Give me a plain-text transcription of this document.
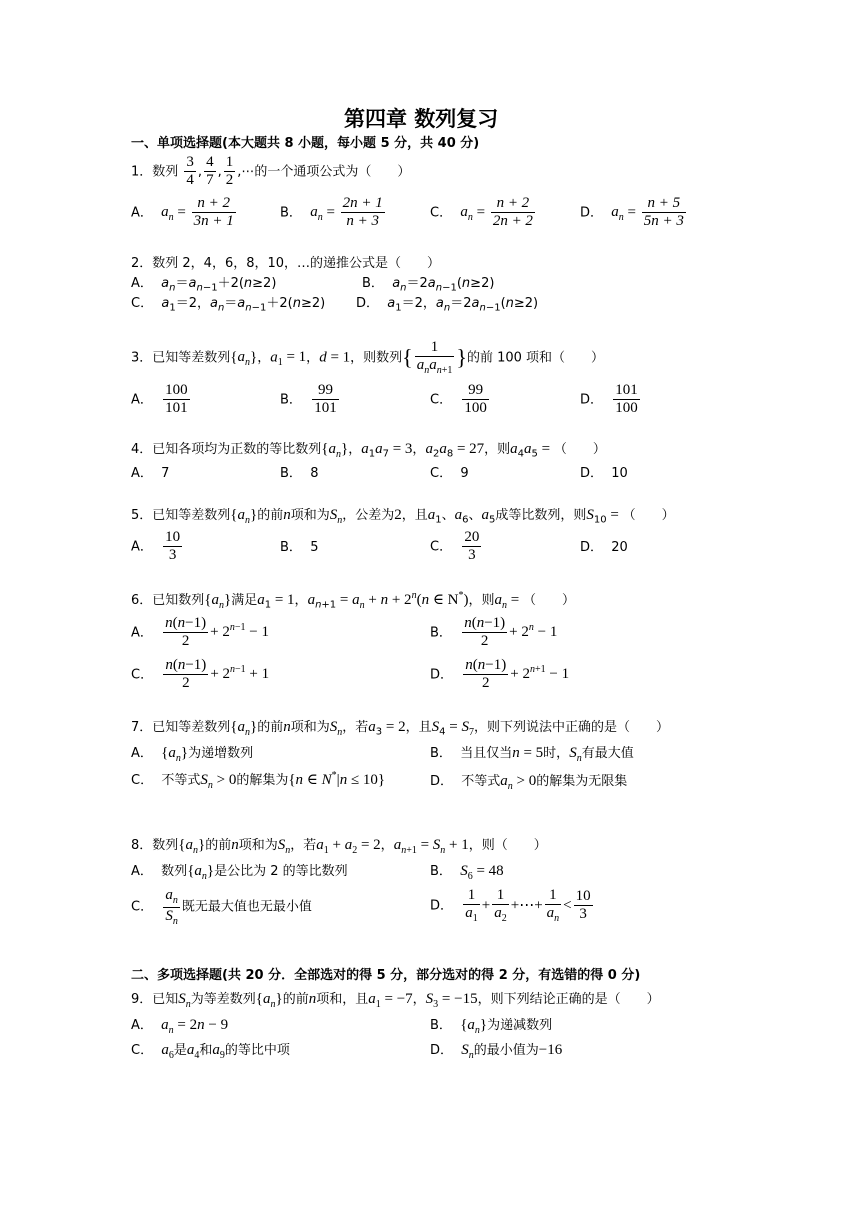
第四章 数列复习
一、单项选择题(本大题共 8 小题，每小题 5 分，共 40 分)
1．数列 $\frac{3}{4}$ , $\frac{4}{7}$ , $\frac{1}{2}$ ,⋯的一个通项公式为（　　）
A． $a_n = \frac{n + 2}{3n + 1}$	B． $a_n = \frac{2n + 1}{n + 3}$	C． $a_n = \frac{n + 2}{2n + 2}$	D． $a_n = \frac{n + 5}{5n + 3}$
2．数列 2，4，6，8，10，…的递推公式是（　　）
A． $a_n=a_{n-1}+2(n\ge 2)$	B． $a_n=2a_{n-1}(n\ge 2)$
C． $a_1=2$，$a_n=a_{n-1}+2(n\ge 2)$ D． $a_1=2$，$a_n=2a_{n-1}(n\ge 2)$
3．已知等差数列$\{a_n\}$，$a_1 = 1$，d = 1，则数列{ $\frac{1}{a_na_{n+1}}$ }的前 100 项和（　　）
A． $\frac{100}{101}$	B． $\frac{99}{101}$	C． $\frac{99}{100}$	D． $\frac{101}{100}$
4．已知各项均为正数的等比数列$\{a_n\}$，$a_1a_7 = 3$，$a_2a_8 = 27$，则$a_4a_5$ = （　　）
A． 7	B． 8	C． 9	D． 10
5．已知等差数列$\{a_n\}$的前n项和为$S_n$，公差为2，且$a_1$、$a_6$、$a_5$成等比数列，则$S_{10}$ = （　　）
A． $\frac{10}{3}$	B． 5	C． $\frac{20}{3}$	D． 20
6．已知数列$\{a_n\}$满足$a_1 = 1$，$a_{n+1} = a_n + n + 2^n(n$ ∈ N*)，则$a_n$ = （　　）
A． $\frac{n(n-1)}{2} + 2^{n-1} - 1$	B． $\frac{n(n-1)}{2} + 2^n - 1$
C． $\frac{n(n-1)}{2} + 2^{n-1} + 1$	D． $\frac{n(n-1)}{2} + 2^{n+1} - 1$
7．已知等差数列$\{a_n\}$的前n项和为$S_n$，若$a_3 = 2$，且$S_4 = S_7$，则下列说法中正确的是（　　）
A． $\{a_n\}$为递增数列	B． 当且仅当n = 5时，$S_n$有最大值
C． 不等式$S_n > 0$的解集为{n ∈ N*|n ≤ 10}	D． 不等式$a_n > 0$的解集为无限集
8．数列$\{a_n\}$的前n项和为$S_n$，若$a_1 + a_2 = 2$，$a_{n+1} = S_n + 1$，则（　　）
A． 数列$\{a_n\}$是公比为 2 的等比数列	B． $S_6 = 48$
C． $\frac{a_n}{S_n}$ 既无最大值也无最小值	D． $\frac{1}{a_1} + \frac{1}{a_2}$ +⋯+ $\frac{1}{a_n} < \frac{10}{3}$
二、多项选择题(共 20 分．全部选对的得 5 分，部分选对的得 2 分，有选错的得 0 分)
9．已知$S_n$为等差数列$\{a_n\}$的前n项和，且$a_1 = -7$，$S_3 = -15$，则下列结论正确的是（　　）
A． $a_n = 2n - 9$	B． $\{a_n\}$为递减数列
C． $a_6$是$a_4$和$a_9$的等比中项	D． $S_n$的最小值为−16
